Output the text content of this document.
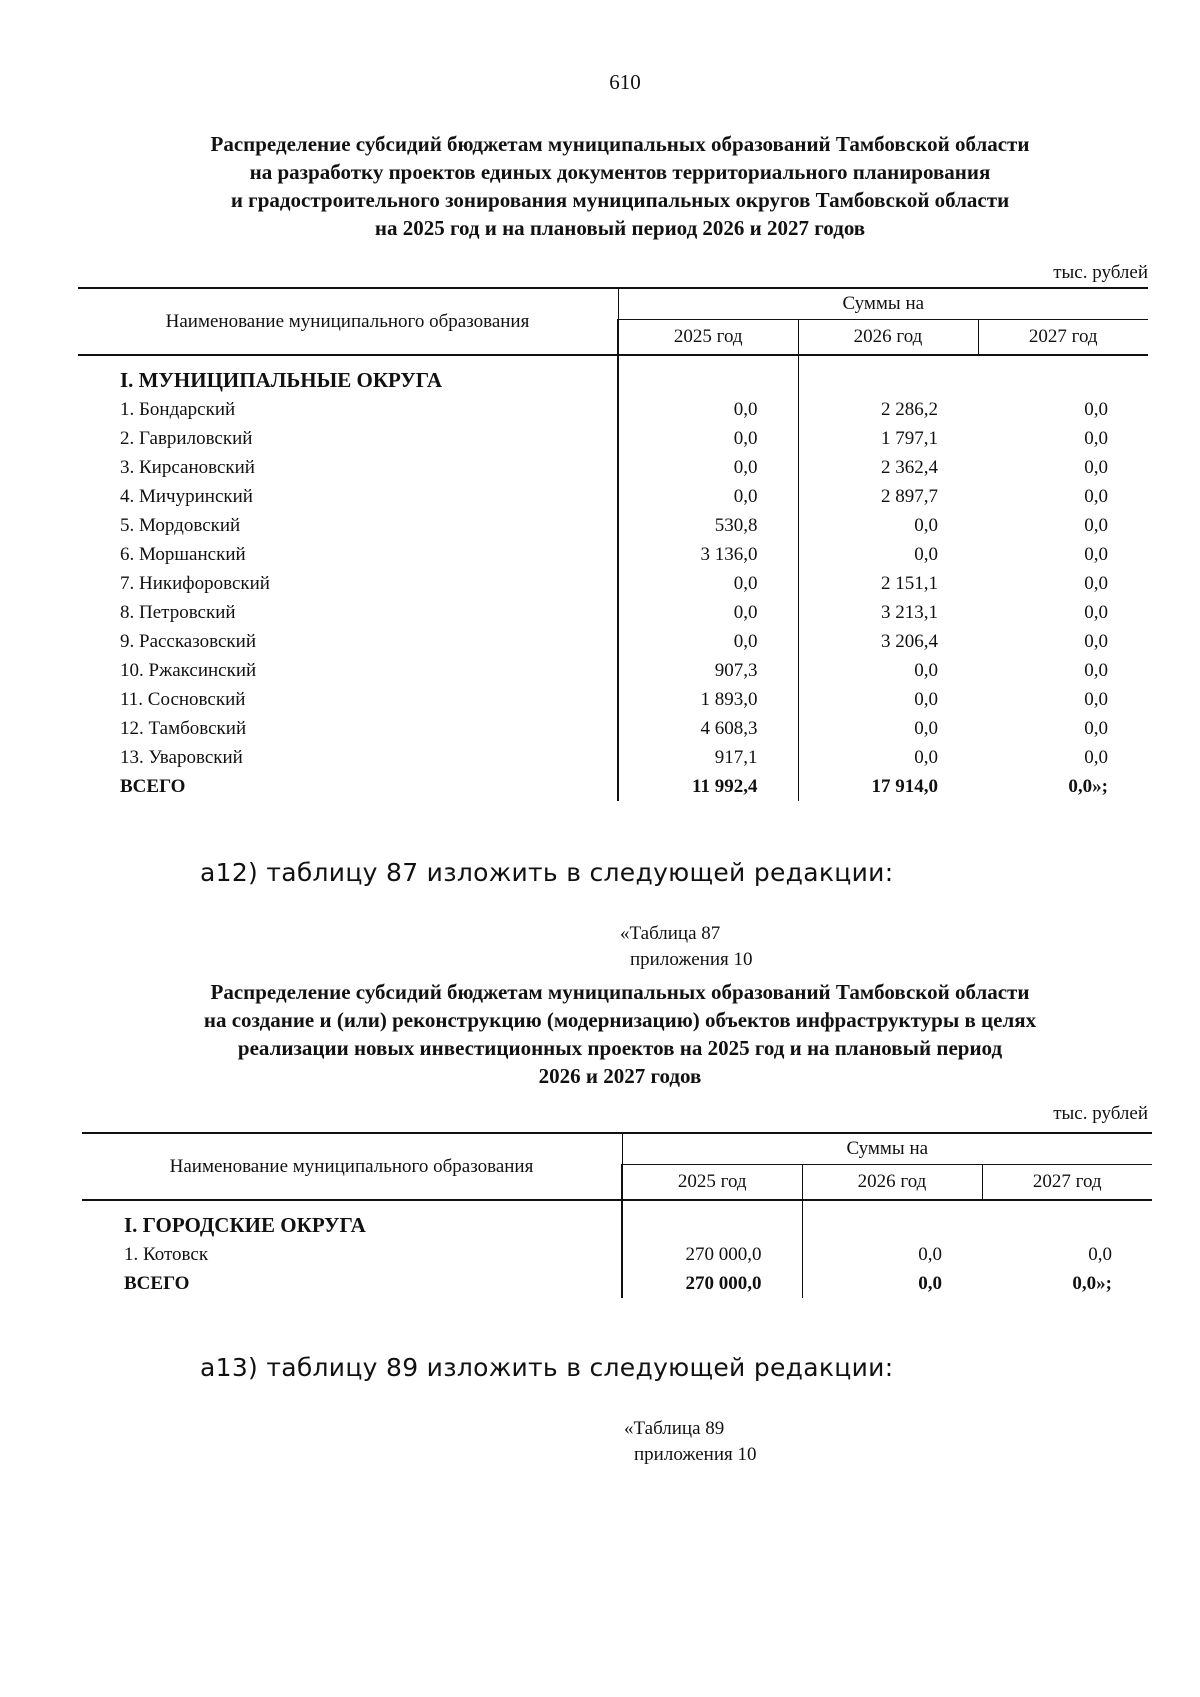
610
Распределение субсидий бюджетам муниципальных образований Тамбовской области
на разработку проектов единых документов территориального планирования
и градостроительного зонирования муниципальных округов Тамбовской области
на 2025 год и на плановый период 2026 и 2027 годов
тыс. рублей
Наименование муниципального образования	Суммы на		
	2025 год	2026 год	2027 год
I. МУНИЦИПАЛЬНЫЕ ОКРУГА			
1. Бондарский	0,0	2 286,2	0,0
2. Гавриловский	0,0	1 797,1	0,0
3. Кирсановский	0,0	2 362,4	0,0
4. Мичуринский	0,0	2 897,7	0,0
5. Мордовский	530,8	0,0	0,0
6. Моршанский	3 136,0	0,0	0,0
7. Никифоровский	0,0	2 151,1	0,0
8. Петровский	0,0	3 213,1	0,0
9. Рассказовский	0,0	3 206,4	0,0
10. Ржаксинский	907,3	0,0	0,0
11. Сосновский	1 893,0	0,0	0,0
12. Тамбовский	4 608,3	0,0	0,0
13. Уваровский	917,1	0,0	0,0
ВСЕГО	11 992,4	17 914,0	0,0»;
а12) таблицу 87 изложить в следующей редакции:
«Таблица 87
приложения 10
Распределение субсидий бюджетам муниципальных образований Тамбовской области
на создание и (или) реконструкцию (модернизацию) объектов инфраструктуры в целях
реализации новых инвестиционных проектов на 2025 год и на плановый период
2026 и 2027 годов
тыс. рублей
Наименование муниципального образования	Суммы на		
	2025 год	2026 год	2027 год
I. ГОРОДСКИЕ ОКРУГА			
1. Котовск	270 000,0	0,0	0,0
ВСЕГО	270 000,0	0,0	0,0»;
а13) таблицу 89 изложить в следующей редакции:
«Таблица 89
приложения 10
